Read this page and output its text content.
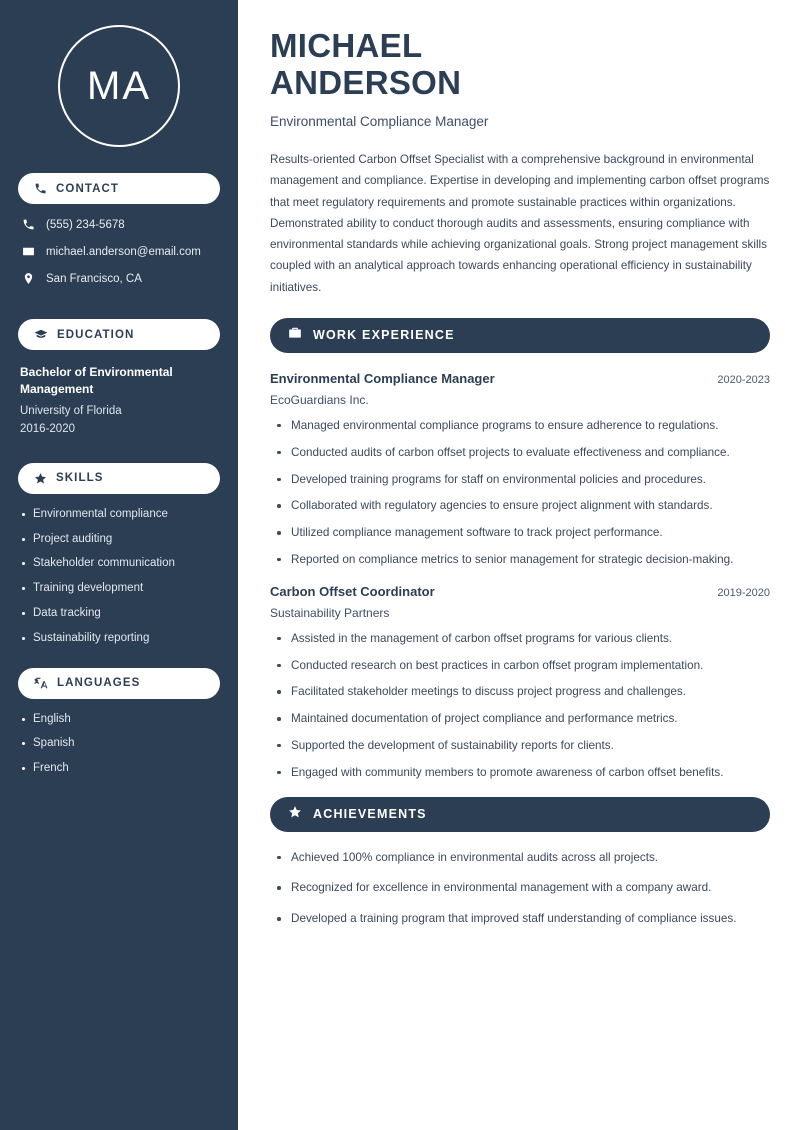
MA
CONTACT
(555) 234-5678
michael.anderson@email.com
San Francisco, CA
EDUCATION
Bachelor of Environmental Management
University of Florida
2016-2020
SKILLS
Environmental compliance
Project auditing
Stakeholder communication
Training development
Data tracking
Sustainability reporting
LANGUAGES
English
Spanish
French
MICHAEL
ANDERSON
Environmental Compliance Manager

Results-oriented Carbon Offset Specialist with a comprehensive background in environmental management and compliance. Expertise in developing and implementing carbon offset programs that meet regulatory requirements and promote sustainable practices within organizations. Demonstrated ability to conduct thorough audits and assessments, ensuring compliance with environmental standards while achieving organizational goals. Strong project management skills coupled with an analytical approach towards enhancing operational efficiency in sustainability initiatives.

WORK EXPERIENCE
Environmental Compliance Manager	2020-2023
EcoGuardians Inc.
Managed environmental compliance programs to ensure adherence to regulations.
Conducted audits of carbon offset projects to evaluate effectiveness and compliance.
Developed training programs for staff on environmental policies and procedures.
Collaborated with regulatory agencies to ensure project alignment with standards.
Utilized compliance management software to track project performance.
Reported on compliance metrics to senior management for strategic decision-making.
Carbon Offset Coordinator	2019-2020
Sustainability Partners
Assisted in the management of carbon offset programs for various clients.
Conducted research on best practices in carbon offset program implementation.
Facilitated stakeholder meetings to discuss project progress and challenges.
Maintained documentation of project compliance and performance metrics.
Supported the development of sustainability reports for clients.
Engaged with community members to promote awareness of carbon offset benefits.
ACHIEVEMENTS
Achieved 100% compliance in environmental audits across all projects.
Recognized for excellence in environmental management with a company award.
Developed a training program that improved staff understanding of compliance issues.
